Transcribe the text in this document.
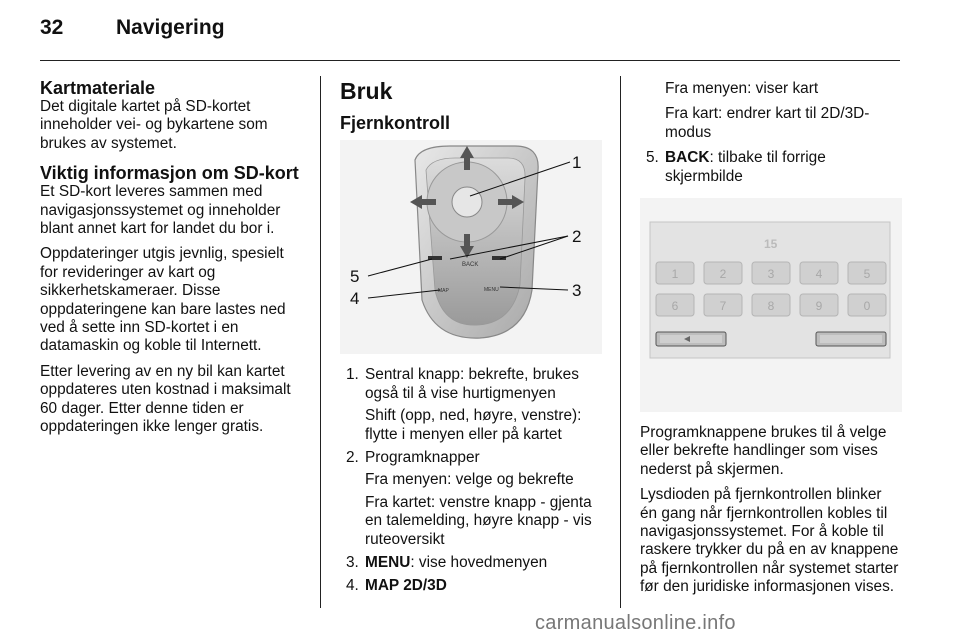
32	Navigering
Kartmateriale

Det digitale kartet på SD-kortet inneholder vei- og bykartene som brukes av systemet.

Viktig informasjon om SD-kort

Et SD-kort leveres sammen med navigasjonssystemet og inneholder blant annet kart for landet du bor i.

Oppdateringer utgis jevnlig, spesielt for revideringer av kart og sikkerhetskameraer. Disse oppdateringene kan bare lastes ned ved å sette inn SD-kortet i en datamaskin og koble til Internett.

Etter levering av en ny bil kan kartet oppdateres uten kostnad i maksimalt 60 dager. Etter denne tiden er oppdateringen ikke lenger gratis.

Bruk
Fjernkontroll
BACK
MAP	MENU
1
2
5
4	3
1. Sentral knapp: bekrefte, brukes også til å vise hurtigmenyen

Shift (opp, ned, høyre, venstre): flytte i menyen eller på kartet

2. Programknapper

Fra menyen: velge og bekrefte

Fra kartet: venstre knapp - gjenta en talemelding, høyre knapp - vis ruteoversikt

3. MENU: vise hovedmenyen
4. MAP 2D/3D

Fra menyen: viser kart

Fra kart: endrer kart til 2D/3D-modus

5. BACK: tilbake til forrige skjermbilde
15
1	2	3	4	5
6	7	8	9	0

Programknappene brukes til å velge eller bekrefte handlinger som vises nederst på skjermen.

Lysdioden på fjernkontrollen blinker én gang når fjernkontrollen kobles til navigasjonssystemet. For å koble til raskere trykker du på en av knappene på fjernkontrollen når systemet starter før den juridiske informasjonen vises.

carmanualsonline.info
